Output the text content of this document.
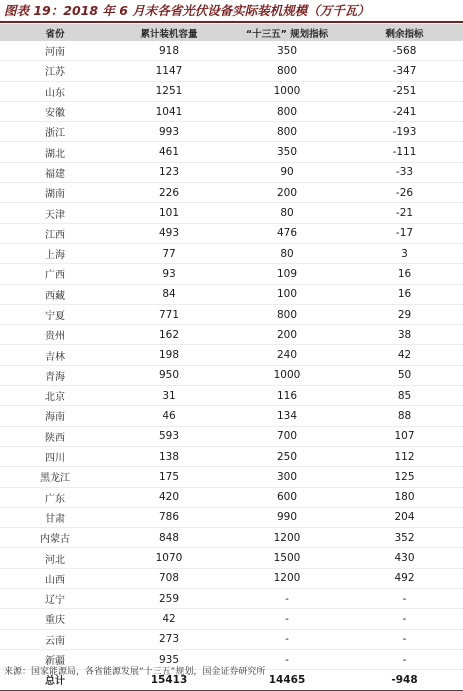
图表 19：2018 年 6 月末各省光伏设备实际装机规模（万千瓦）
省份	累计装机容量	“十三五” 规划指标	剩余指标
河南	918	350	-568
江苏	1147	800	-347
山东	1251	1000	-251
安徽	1041	800	-241
浙江	993	800	-193
湖北	461	350	-111
福建	123	90	-33
湖南	226	200	-26
天津	101	80	-21
江西	493	476	-17
上海	77	80	3
广西	93	109	16
西藏	84	100	16
宁夏	771	800	29
贵州	162	200	38
吉林	198	240	42
青海	950	1000	50
北京	31	116	85
海南	46	134	88
陕西	593	700	107
四川	138	250	112
黑龙江	175	300	125
广东	420	600	180
甘肃	786	990	204
内蒙古	848	1200	352
河北	1070	1500	430
山西	708	1200	492
辽宁	259	-	-
重庆	42	-	-
云南	273	-	-
新疆	935	-	-
总计	15413	14465	-948
来源：国家能源局，各省能源发展“十三五”规划，国金证券研究所
